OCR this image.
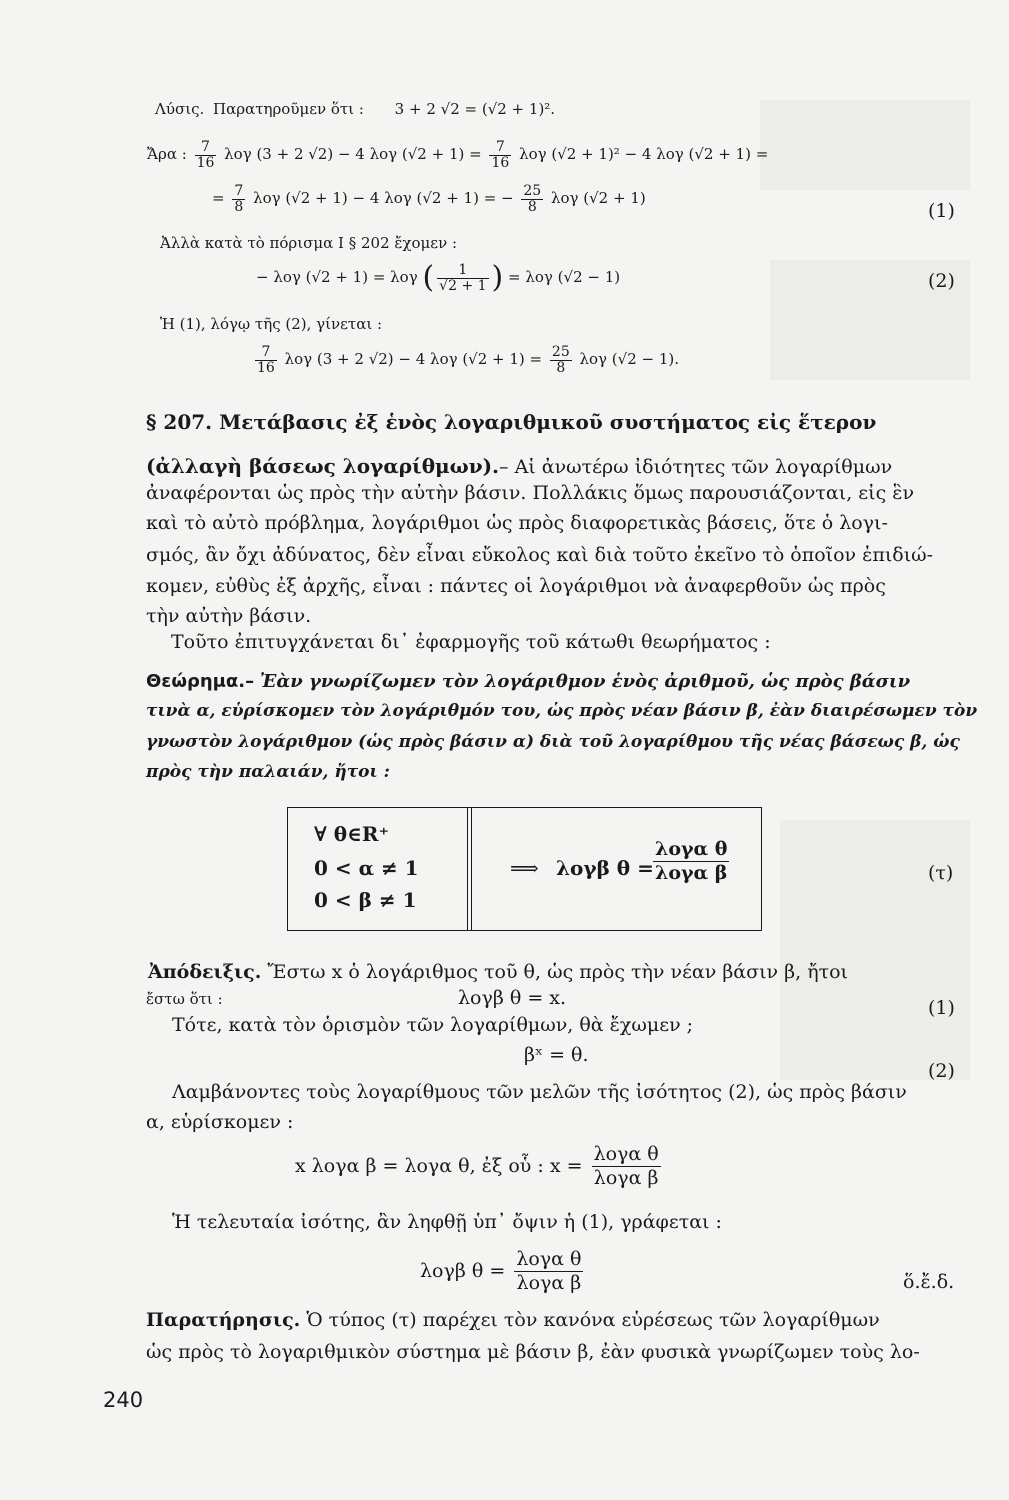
Λύσις. Παρατηροῦμεν ὅτι : 3 + 2 √2 = (√2 + 1)².
Ἄρα : $\frac{7}{16}$ λογ (3 + 2 √2) − 4 λογ $(√2 + 1) = \frac{7}{16}$ λογ (√2 + 1)² − 4 λογ (√2 + 1) =
= $\frac{7}{8}$ λογ (√2 + 1) − 4 λογ (√2 + 1) = − $\frac{25}{8}$ λογ (√2 + 1)
(1)
Ἀλλὰ κατὰ τὸ πόρισμα I § 202 ἔχομεν :
− λογ (√2 + 1) = λογ ( $\frac{1}{√2 + 1}$ ) = λογ (√2 − 1)	(2)
Ἡ (1), λόγῳ τῆς (2), γίνεται :
$\frac{7}{16}$ λογ (3 + 2 √2) − 4 λογ $(√2 + 1) = \frac{25}{8}$ λογ (√2 − 1).
§ 207. Μετάβασις ἐξ ἑνὸς λογαριθμικοῦ συστήματος εἰς ἕτερον
(ἀλλαγὴ βάσεως λογαρίθμων).– Αἱ ἀνωτέρω ἰδιότητες τῶν λογαρίθμων
ἀναφέρονται ὡς πρὸς τὴν αὐτὴν βάσιν. Πολλάκις ὅμως παρουσιάζονται, εἰς ἓν
καὶ τὸ αὐτὸ πρόβλημα, λογάριθμοι ὡς πρὸς διαφορετικὰς βάσεις, ὅτε ὁ λογι-
σμός, ἂν ὄχι ἀδύνατος, δὲν εἶναι εὔκολος καὶ διὰ τοῦτο ἐκεῖνο τὸ ὁποῖον ἐπιδιώ-
κομεν, εὐθὺς ἐξ ἀρχῆς, εἶναι : πάντες οἱ λογάριθμοι νὰ ἀναφερθοῦν ὡς πρὸς
τὴν αὐτὴν βάσιν.
Τοῦτο ἐπιτυγχάνεται δι᾽ ἐφαρμογῆς τοῦ κάτωθι θεωρήματος :
Θεώρημα.– Ἐὰν γνωρίζωμεν τὸν λογάριθμον ἑνὸς ἀριθμοῦ, ὡς πρὸς βάσιν
τινὰ α, εὑρίσκομεν τὸν λογάριθμόν του, ὡς πρὸς νέαν βάσιν β, ἐὰν διαιρέσωμεν τὸν
γνωστὸν λογάριθμον (ὡς πρὸς βάσιν α) διὰ τοῦ λογαρίθμου τῆς νέας βάσεως β, ὡς
πρὸς τὴν παλαιάν, ἤτοι :
∀ θ∈R⁺
0 < α ≠ 1
0 < β ≠ 1
⟹ λογβ $\theta = \frac{\text{λογα θ}}{\text{λογα β}}$	(τ)
Ἀπόδειξις. Ἔστω x ὁ λογάριθμος τοῦ θ, ὡς πρὸς τὴν νέαν βάσιν β, ἤτοι
ἔστω ὅτι :	λογβ θ = x.	(1)
Τότε, κατὰ τὸν ὁρισμὸν τῶν λογαρίθμων, θὰ ἔχωμεν ;
βˣ = θ.
(2)
Λαμβάνοντες τοὺς λογαρίθμους τῶν μελῶν τῆς ἰσότητος (2), ὡς πρὸς βάσιν
α, εὑρίσκομεν :
x λογα β = λογα θ, ἐξ οὗ : $x = \frac{\text{λογα θ}}{\text{λογα β}}$
Ἡ τελευταία ἰσότης, ἂν ληφθῇ ὑπ᾽ ὄψιν ἡ (1), γράφεται :
λογβ $\theta = \frac{\text{λογα θ}}{\text{λογα β}}$	ὅ.ἔ.δ.
Παρατήρησις. Ὁ τύπος (τ) παρέχει τὸν κανόνα εὑρέσεως τῶν λογαρίθμων
ὡς πρὸς τὸ λογαριθμικὸν σύστημα μὲ βάσιν β, ἐὰν φυσικὰ γνωρίζωμεν τοὺς λο-
240
